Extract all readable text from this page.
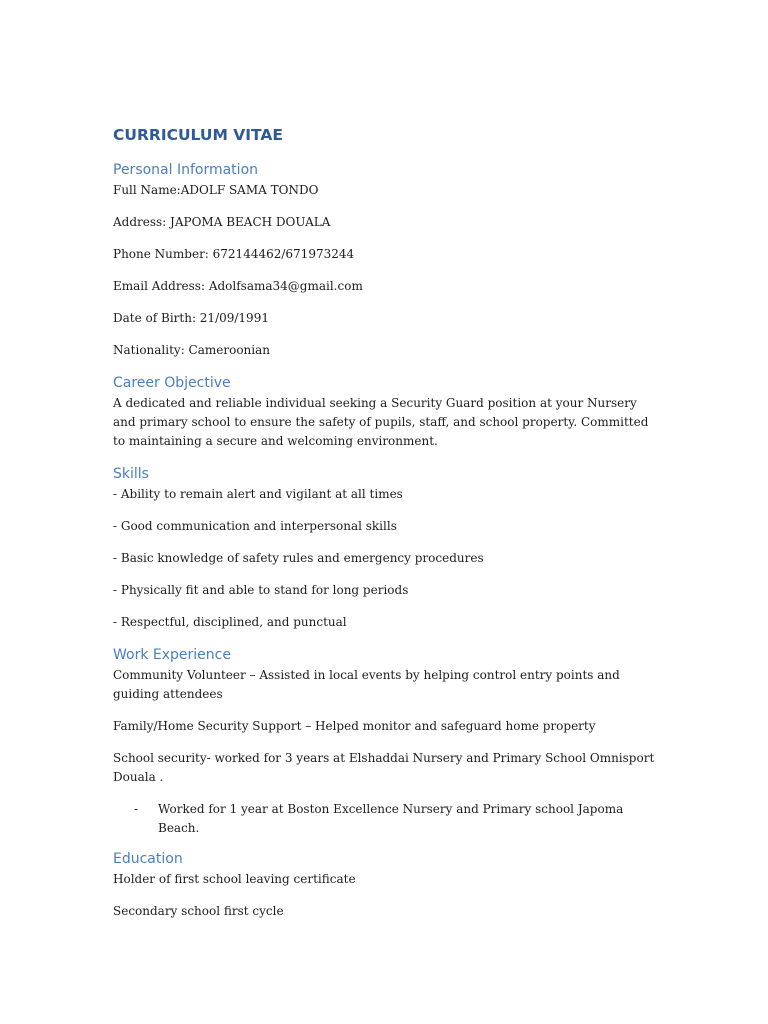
CURRICULUM VITAE
Personal Information

Full Name:ADOLF SAMA TONDO

Address: JAPOMA BEACH DOUALA

Phone Number: 672144462/671973244

Email Address: Adolfsama34@gmail.com

Date of Birth: 21/09/1991

Nationality: Cameroonian

Career Objective

A dedicated and reliable individual seeking a Security Guard position at your Nursery and primary school to ensure the safety of pupils, staff, and school property. Committed to maintaining a secure and welcoming environment.

Skills

- Ability to remain alert and vigilant at all times

- Good communication and interpersonal skills

- Basic knowledge of safety rules and emergency procedures

- Physically fit and able to stand for long periods

- Respectful, disciplined, and punctual

Work Experience

Community Volunteer – Assisted in local events by helping control entry points and guiding attendees

Family/Home Security Support – Helped monitor and safeguard home property

School security- worked for 3 years at Elshaddai Nursery and Primary School Omnisport Douala .

- Worked for 1 year at Boston Excellence Nursery and Primary school Japoma Beach.
Education

Holder of first school leaving certificate

Secondary school first cycle
